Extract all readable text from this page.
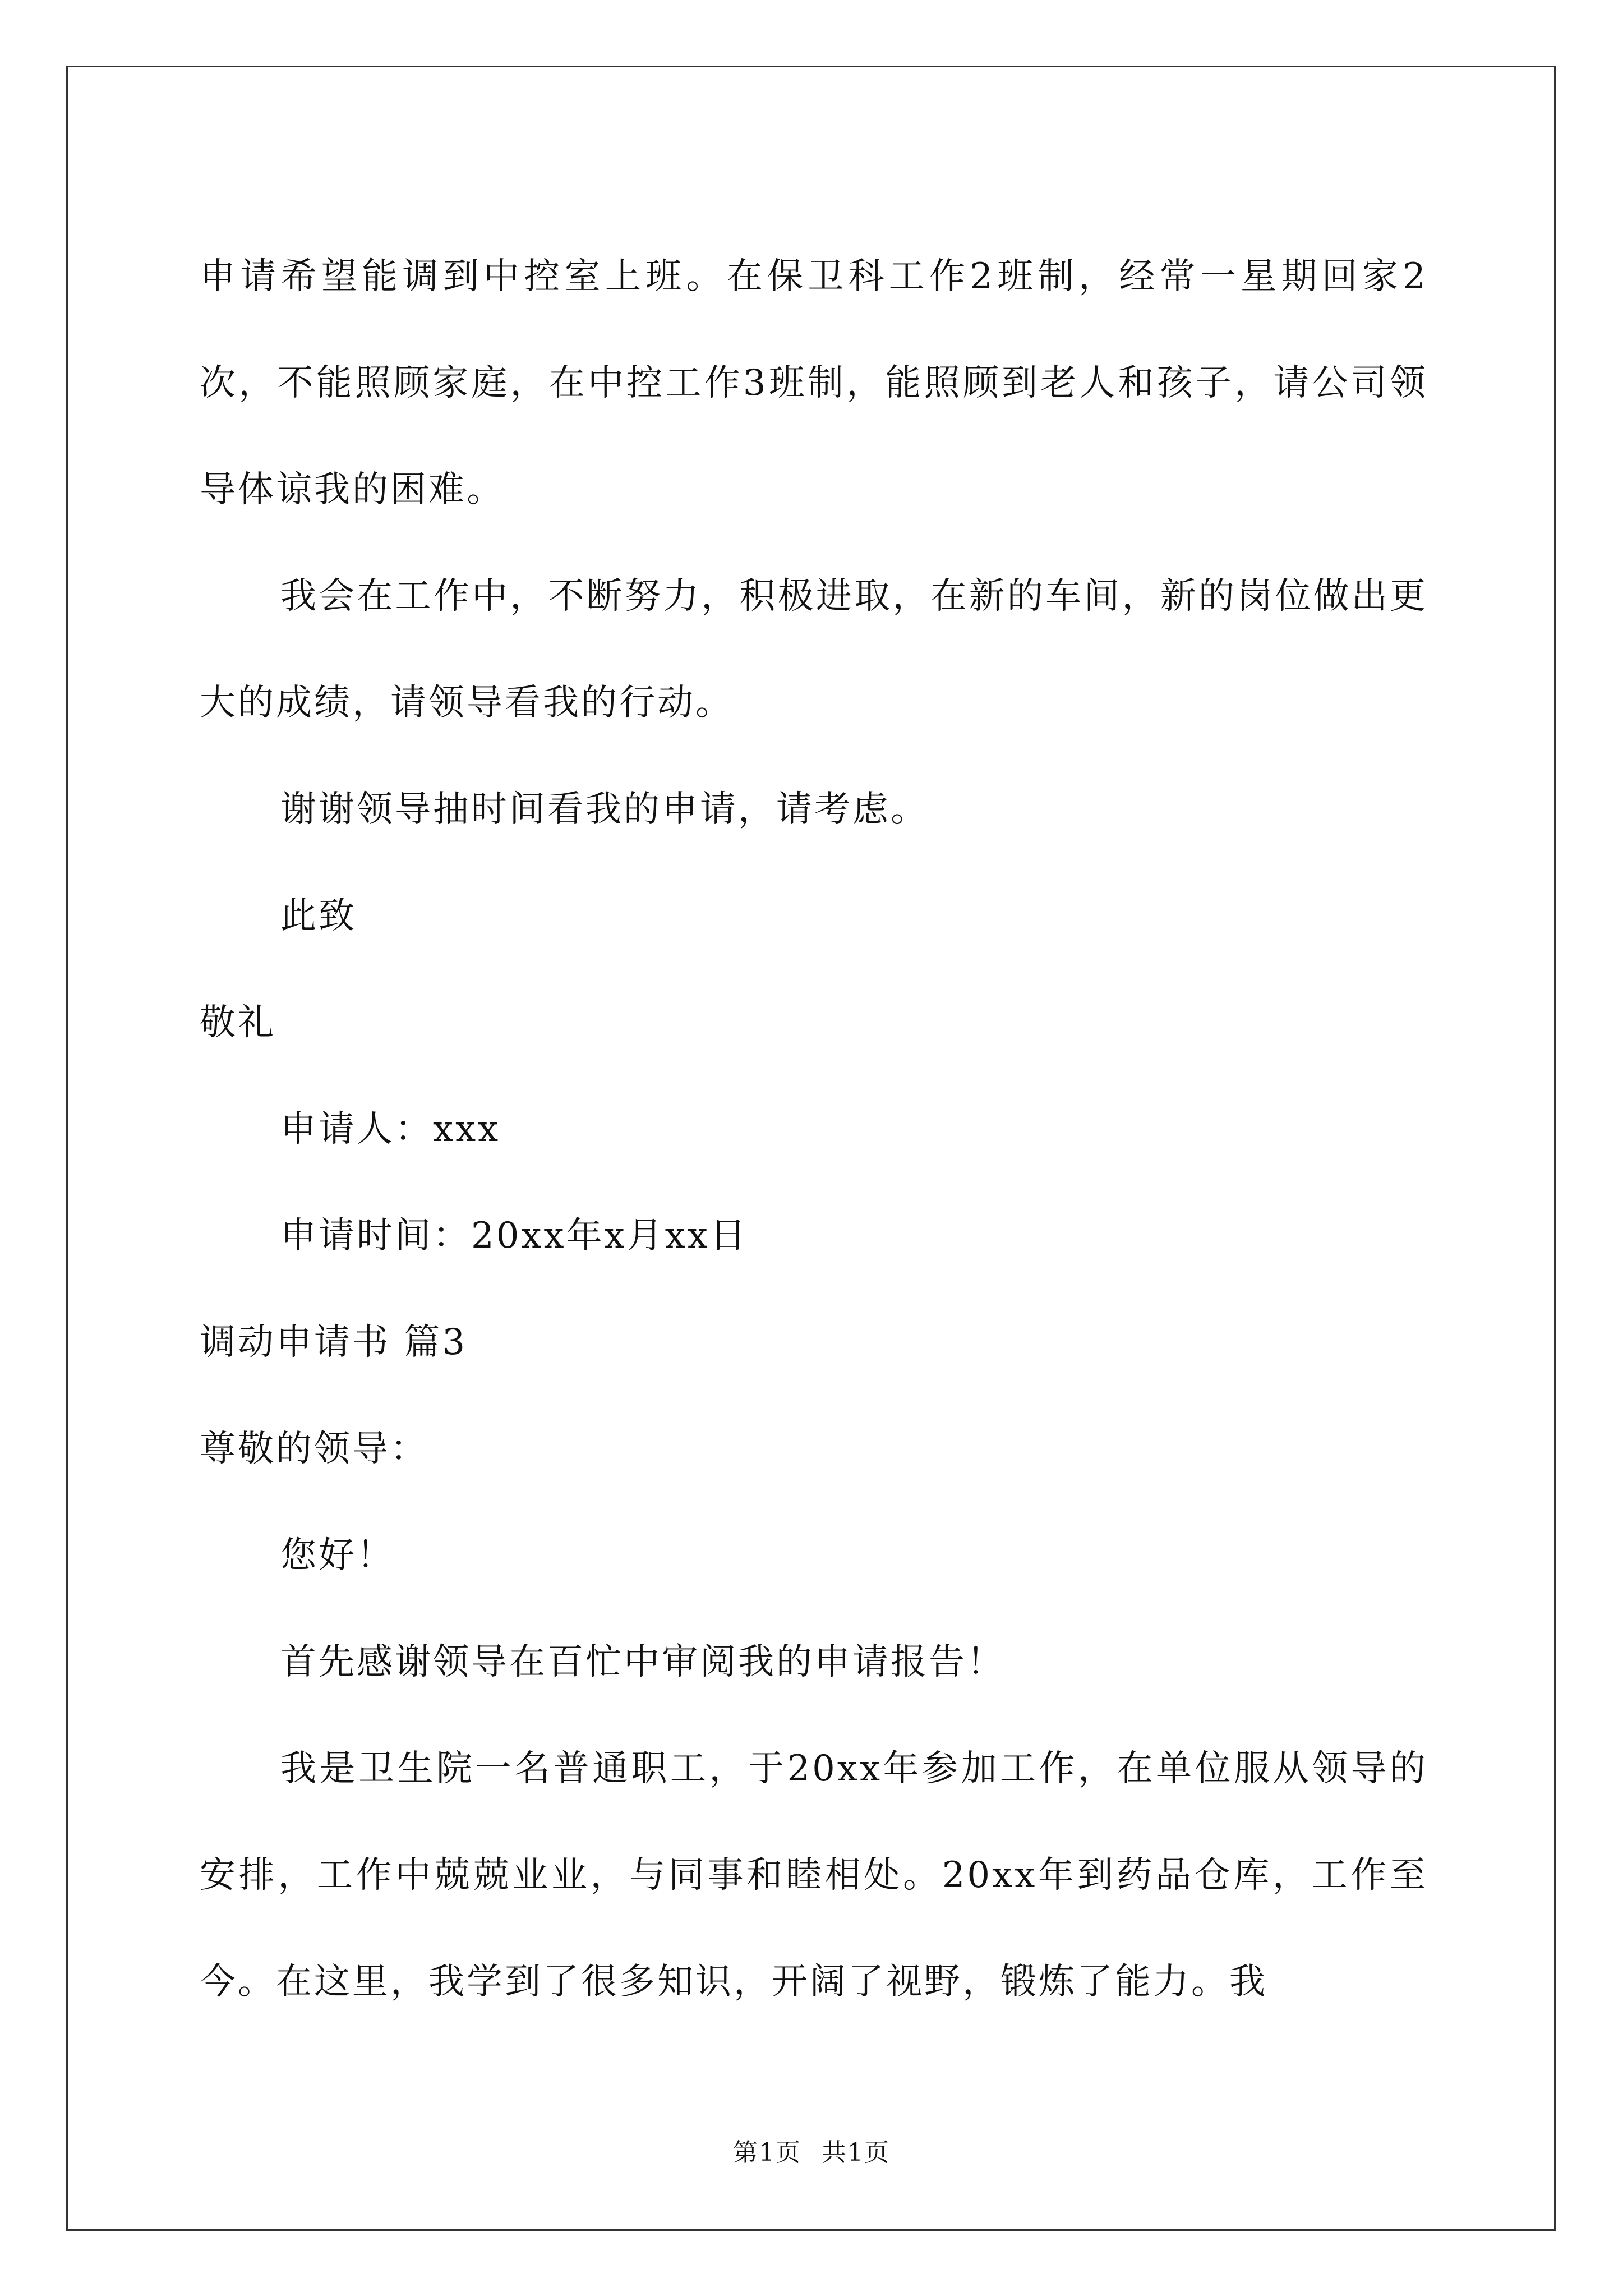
申请希望能调到中控室上班。在保卫科工作2班制，经常一星期回家2次，不能照顾家庭，在中控工作3班制，能照顾到老人和孩子，请公司领导体谅我的困难。

我会在工作中，不断努力，积极进取，在新的车间，新的岗位做出更大的成绩，请领导看我的行动。

谢谢领导抽时间看我的申请，请考虑。

此致

敬礼

申请人：xxx

申请时间：20xx年x月xx日

调动申请书 篇3

尊敬的领导：

您好！

首先感谢领导在百忙中审阅我的申请报告！

我是卫生院一名普通职工，于20xx年参加工作，在单位服从领导的安排，工作中兢兢业业，与同事和睦相处。20xx年到药品仓库，工作至今。在这里，我学到了很多知识，开阔了视野，锻炼了能力。我

第1页 共1页
